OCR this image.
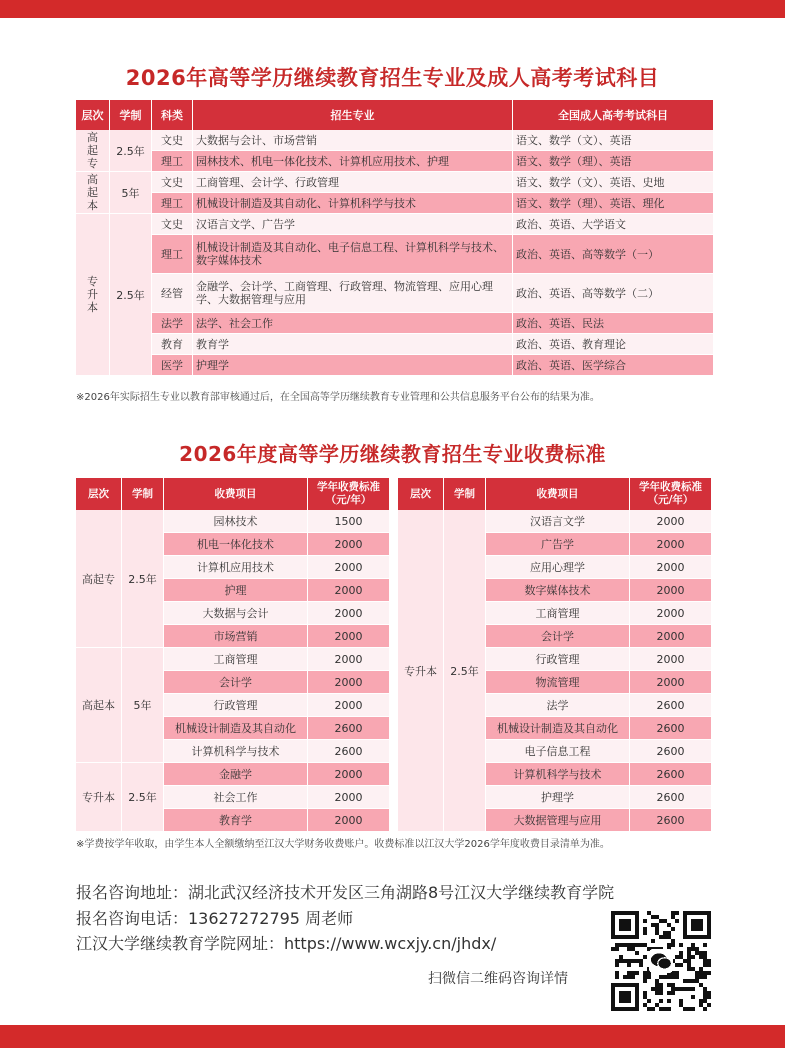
2026年高等学历继续教育招生专业及成人高考考试科目
层次	学制	科类	招生专业	全国成人高考考试科目

高起专	2.5年	文史	大数据与会计、市场营销	语文、数学（文）、英语
		理工	园林技术、机电一体化技术、计算机应用技术、护理	语文、数学（理）、英语

高起本	5年	文史	工商管理、会计学、行政管理	语文、数学（文）、英语、史地
		理工	机械设计制造及其自动化、计算机科学与技术	语文、数学（理）、英语、理化

专升本	2.5年	文史	汉语言文学、广告学	政治、英语、大学语文
		理工	机械设计制造及其自动化、电子信息工程、计算机科学与技术、数字媒体技术	政治、英语、高等数学（一）
		经管	金融学、会计学、工商管理、行政管理、物流管理、应用心理学、大数据管理与应用	政治、英语、高等数学（二）
		法学	法学、社会工作	政治、英语、民法
		教育	教育学	政治、英语、教育理论
		医学	护理学	政治、英语、医学综合
※2026年实际招生专业以教育部审核通过后，在全国高等学历继续教育专业管理和公共信息服务平台公布的结果为准。
2026年度高等学历继续教育招生专业收费标准
层次	学制	收费项目	学年收费标准（元/年）
高起专	2.5年	园林技术	1500
		机电一体化技术	2000
		计算机应用技术	2000
		护理	2000
		大数据与会计	2000
		市场营销	2000
高起本	5年	工商管理	2000
		会计学	2000
		行政管理	2000
		机械设计制造及其自动化	2600
		计算机科学与技术	2600
专升本	2.5年	金融学	2000
		社会工作	2000
		教育学	2000
层次	学制	收费项目	学年收费标准（元/年）
专升本	2.5年	汉语言文学	2000
		广告学	2000
		应用心理学	2000
		数字媒体技术	2000
		工商管理	2000
		会计学	2000
		行政管理	2000
		物流管理	2000
		法学	2600
		机械设计制造及其自动化	2600
		电子信息工程	2600
		计算机科学与技术	2600
		护理学	2600
		大数据管理与应用	2600
※学费按学年收取，由学生本人全额缴纳至江汉大学财务收费账户。收费标准以江汉大学2026学年度收费目录清单为准。
报名咨询地址：湖北武汉经济技术开发区三角湖路8号江汉大学继续教育学院
报名咨询电话：13627272795 周老师
江汉大学继续教育学院网址：https://www.wcxjy.cn/jhdx/
扫微信二维码咨询详情
